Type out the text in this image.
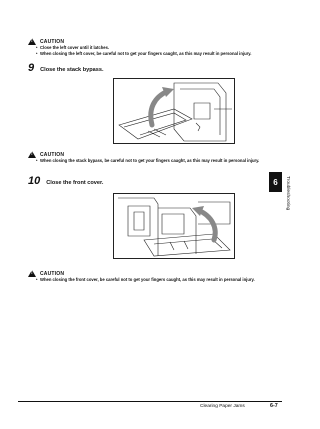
!
CAUTION
• Close the left cover until it latches.
• When closing the left cover, be careful not to get your fingers caught, as this may result in personal injury.
9 Close the stack bypass.
!
CAUTION
• When closing the stack bypass, be careful not to get your fingers caught, as this may result in personal injury.
10 Close the front cover.
!
CAUTION
• When closing the front cover, be careful not to get your fingers caught, as this may result in personal injury.
6	Troubleshooting
Clearing Paper Jams	6-7
